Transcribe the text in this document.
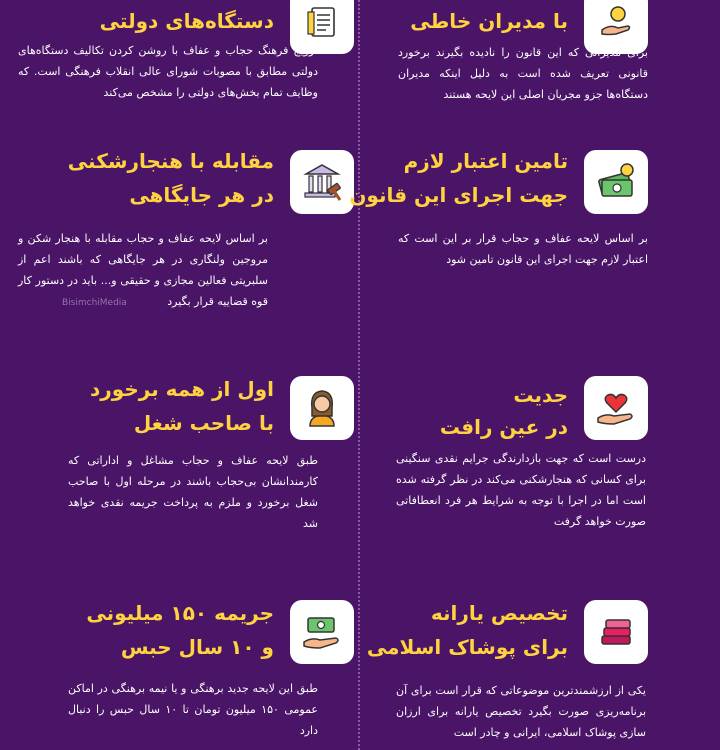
دستگاه‌های دولتی
ترویج فرهنگ حجاب و عفاف با روشن کردن تکالیف دستگاه‌های دولتی مطابق با مصوبات شورای عالی انقلاب فرهنگی است. که وظایف تمام بخش‌های دولتی را مشخص می‌کند
با مدیران خاطی
برای مدیرانی که این قانون را نادیده بگیرند برخورد قانونی تعریف شده است به دلیل اینکه مدیران دستگاه‌ها جزو مجریان اصلی این لایحه هستند
مقابله با هنجارشکنی
در هر جایگاهی
بر اساس لایحه عفاف و حجاب مقابله با هنجار شکن و مروجین ولنگاری در هر جایگاهی که باشند اعم از سلبریتی فعالین مجازی و حقیقی و... باید در دستور کار قوه قضاییه قرار بگیرد
BisimchiMedia
تامین اعتبار لازم
جهت اجرای این قانون
بر اساس لایحه عفاف و حجاب قرار بر این است که اعتبار لازم جهت اجرای این قانون تامین شود
اول از همه برخورد
با صاحب شغل
طبق لایحه عفاف و حجاب مشاغل و اداراتی که کارمندانشان بی‌حجاب باشند در مرحله اول با صاحب شغل برخورد و ملزم به پرداخت جریمه نقدی خواهد شد
جدیت
در عین رافت
درست است که جهت بازدارندگی جرایم نقدی سنگینی برای کسانی که هنجارشکنی می‌کند در نظر گرفته شده است اما در اجرا با توجه به شرایط هر فرد انعطافاتی صورت خواهد گرفت
جریمه ۱۵۰ میلیونی
و ۱۰ سال حبس
طبق این لایحه جدید برهنگی و یا نیمه برهنگی در اماکن عمومی ۱۵۰ میلیون تومان تا ۱۰ سال حبس را دنبال دارد
تخصیص یارانه
برای پوشاک اسلامی
یکی از ارزشمندترین موضوعاتی که قرار است برای آن برنامه‌ریزی صورت بگیرد تخصیص یارانه برای ارزان سازی پوشاک اسلامی، ایرانی و چادر است
